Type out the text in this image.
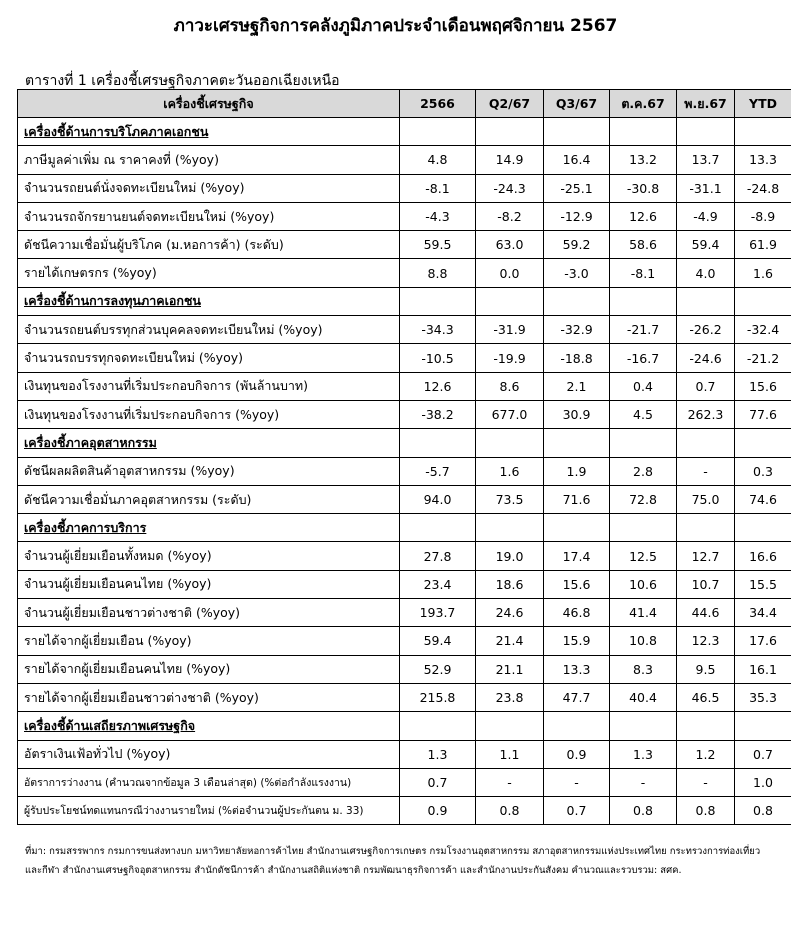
ภาวะเศรษฐกิจการคลังภูมิภาคประจำเดือนพฤศจิกายน 2567
ตารางที่ 1 เครื่องชี้เศรษฐกิจภาคตะวันออกเฉียงเหนือ
เครื่องชี้เศรษฐกิจ	2566	Q2/67	Q3/67	ต.ค.67	พ.ย.67	YTD
เครื่องชี้ด้านการบริโภคภาคเอกชน						
ภาษีมูลค่าเพิ่ม ณ ราคาคงที่ (%yoy)	4.8	14.9	16.4	13.2	13.7	13.3
จำนวนรถยนต์นั่งจดทะเบียนใหม่ (%yoy)	-8.1	-24.3	-25.1	-30.8	-31.1	-24.8
จำนวนรถจักรยานยนต์จดทะเบียนใหม่ (%yoy)	-4.3	-8.2	-12.9	12.6	-4.9	-8.9
ดัชนีความเชื่อมั่นผู้บริโภค (ม.หอการค้า) (ระดับ)	59.5	63.0	59.2	58.6	59.4	61.9
รายได้เกษตรกร (%yoy)	8.8	0.0	-3.0	-8.1	4.0	1.6
เครื่องชี้ด้านการลงทุนภาคเอกชน						
จำนวนรถยนต์บรรทุกส่วนบุคคลจดทะเบียนใหม่ (%yoy)	-34.3	-31.9	-32.9	-21.7	-26.2	-32.4
จำนวนรถบรรทุกจดทะเบียนใหม่ (%yoy)	-10.5	-19.9	-18.8	-16.7	-24.6	-21.2
เงินทุนของโรงงานที่เริ่มประกอบกิจการ (พันล้านบาท)	12.6	8.6	2.1	0.4	0.7	15.6
เงินทุนของโรงงานที่เริ่มประกอบกิจการ (%yoy)	-38.2	677.0	30.9	4.5	262.3	77.6
เครื่องชี้ภาคอุตสาหกรรม						
ดัชนีผลผลิตสินค้าอุตสาหกรรม (%yoy)	-5.7	1.6	1.9	2.8	-	0.3
ดัชนีความเชื่อมั่นภาคอุตสาหกรรม (ระดับ)	94.0	73.5	71.6	72.8	75.0	74.6
เครื่องชี้ภาคการบริการ						
จำนวนผู้เยี่ยมเยือนทั้งหมด (%yoy)	27.8	19.0	17.4	12.5	12.7	16.6
จำนวนผู้เยี่ยมเยือนคนไทย (%yoy)	23.4	18.6	15.6	10.6	10.7	15.5
จำนวนผู้เยี่ยมเยือนชาวต่างชาติ (%yoy)	193.7	24.6	46.8	41.4	44.6	34.4
รายได้จากผู้เยี่ยมเยือน (%yoy)	59.4	21.4	15.9	10.8	12.3	17.6
รายได้จากผู้เยี่ยมเยือนคนไทย (%yoy)	52.9	21.1	13.3	8.3	9.5	16.1
รายได้จากผู้เยี่ยมเยือนชาวต่างชาติ (%yoy)	215.8	23.8	47.7	40.4	46.5	35.3
เครื่องชี้ด้านเสถียรภาพเศรษฐกิจ						
อัตราเงินเฟ้อทั่วไป (%yoy)	1.3	1.1	0.9	1.3	1.2	0.7
อัตราการว่างงาน (คำนวณจากข้อมูล 3 เดือนล่าสุด) (%ต่อกำลังแรงงาน)	0.7	-	-	-	-	1.0
ผู้รับประโยชน์ทดแทนกรณีว่างงานรายใหม่ (%ต่อจำนวนผู้ประกันตน ม. 33)	0.9	0.8	0.7	0.8	0.8	0.8
ที่มา: กรมสรรพากร กรมการขนส่งทางบก มหาวิทยาลัยหอการค้าไทย สำนักงานเศรษฐกิจการเกษตร กรมโรงงานอุตสาหกรรม สภาอุตสาหกรรมแห่งประเทศไทย กระทรวงการท่องเที่ยว
และกีฬา สำนักงานเศรษฐกิจอุตสาหกรรม สำนักดัชนีการค้า สำนักงานสถิติแห่งชาติ กรมพัฒนาธุรกิจการค้า และสำนักงานประกันสังคม คำนวณและรวบรวม: สศค.
